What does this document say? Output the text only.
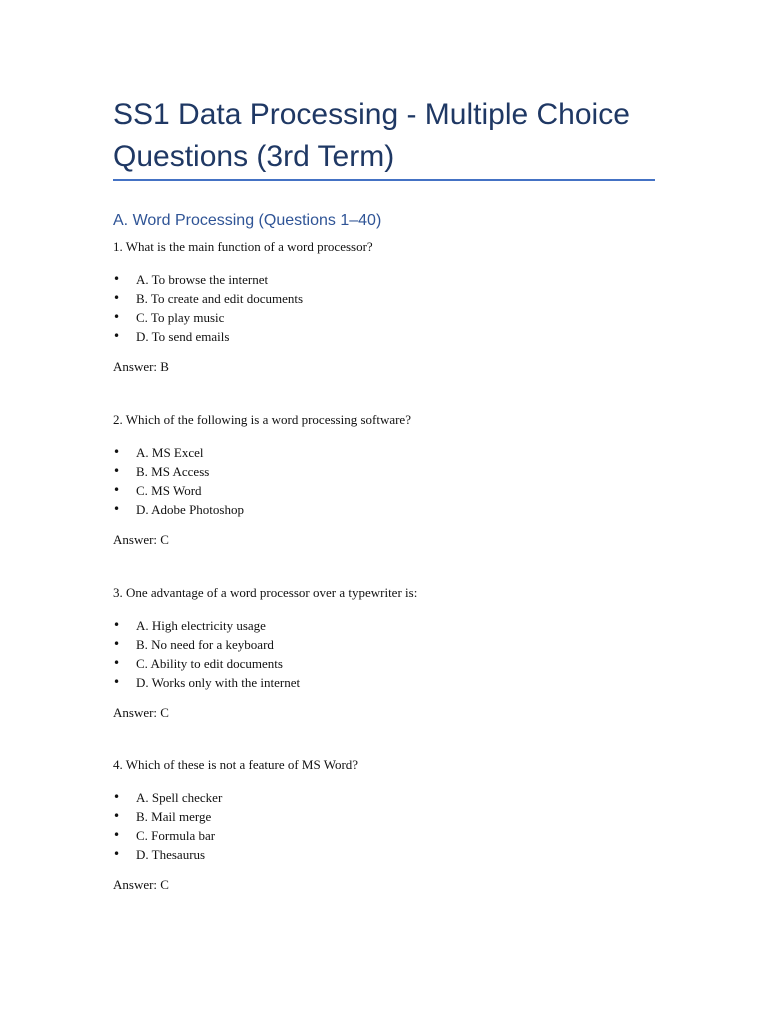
SS1 Data Processing - Multiple Choice Questions (3rd Term)
A. Word Processing (Questions 1–40)

1. What is the main function of a word processor?

• A. To browse the internet
• B. To create and edit documents
• C. To play music
• D. To send emails

Answer: B

2. Which of the following is a word processing software?

• A. MS Excel
• B. MS Access
• C. MS Word
• D. Adobe Photoshop

Answer: C

3. One advantage of a word processor over a typewriter is:

• A. High electricity usage
• B. No need for a keyboard
• C. Ability to edit documents
• D. Works only with the internet

Answer: C

4. Which of these is not a feature of MS Word?

• A. Spell checker
• B. Mail merge
• C. Formula bar
• D. Thesaurus

Answer: C
